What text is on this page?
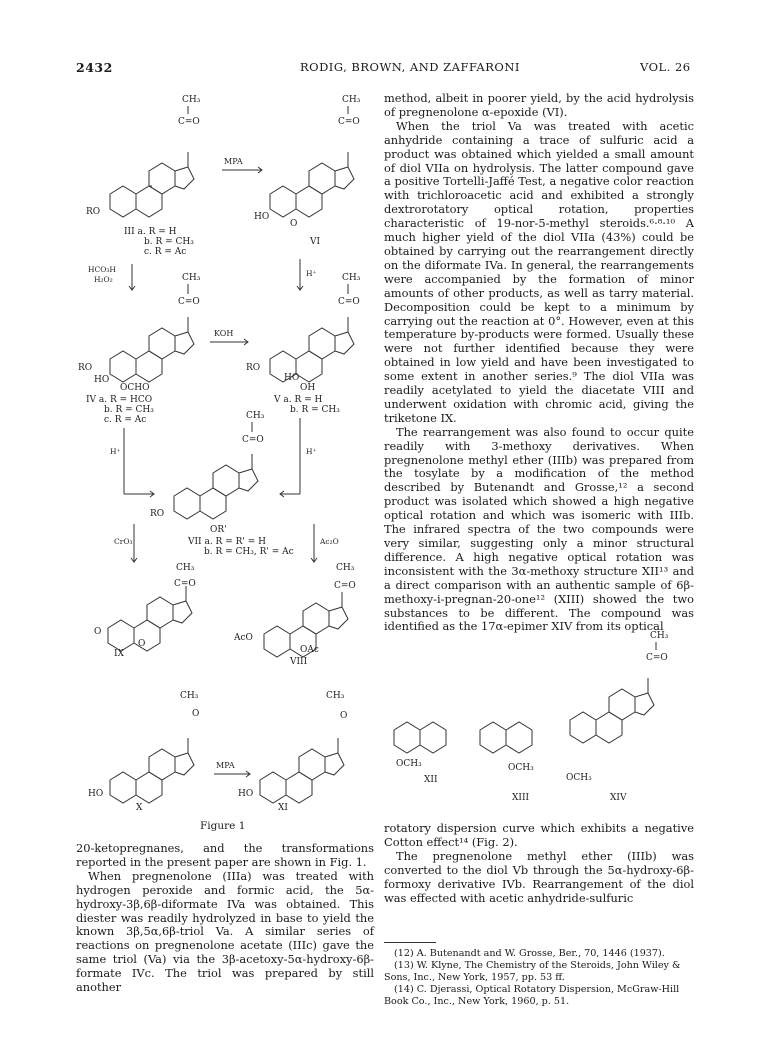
2432	RODIG, BROWN, AND ZAFFARONI	VOL. 26
CH₃
C=O
RO
III a. R = H
b. R = CH₃
c. R = Ac
MPA
CH₃
C=O
HO
O
VI
HCO₃H
H₂O₂
H⁺
CH₃
C=O
RO
HO
OCHO
IV a. R = HCO
b. R = CH₃
c. R = Ac
KOH
CH₃
C=O
RO
HO
OH
V a. R = H
b. R = CH₃
H⁺	H⁺
CH₃
C=O
RO
OR'
VII a. R = R' = H
b. R = CH₃, R' = Ac
CrO₃	Ac₂O
CH₃
C=O
O
O
IX
CH₃
C=O
AcO
OAc
VIII
CH₃
O
HO
X
MPA
CH₃
O
HO
XI
OCH₃
XII
OCH₃
XIII
CH₃
C=O
OCH₃
XIV
Figure 1

method, albeit in poorer yield, by the acid hydrolysis of pregnenolone α-epoxide (VI).

When the triol Va was treated with acetic anhydride containing a trace of sulfuric acid a product was obtained which yielded a small amount of diol VIIa on hydrolysis. The latter compound gave a positive Tortelli-Jaffé Test, a negative color reaction with trichloroacetic acid and exhibited a strongly dextrorotatory optical rotation, properties characteristic of 19-nor-5-methyl steroids.⁶·⁸·¹⁰ A much higher yield of the diol VIIa (43%) could be obtained by carrying out the rearrangement directly on the diformate IVa. In general, the rearrangements were accompanied by the formation of minor amounts of other products, as well as tarry material. Decomposition could be kept to a minimum by carrying out the reaction at 0°. However, even at this temperature by-products were formed. Usually these were not further identified because they were obtained in low yield and have been investigated to some extent in another series.⁹ The diol VIIa was readily acetylated to yield the diacetate VIII and underwent oxidation with chromic acid, giving the triketone IX.

The rearrangement was also found to occur quite readily with 3-methoxy derivatives. When pregnenolone methyl ether (IIIb) was prepared from the tosylate by a modification of the method described by Butenandt and Grosse,¹² a second product was isolated which showed a high negative optical rotation and which was isomeric with IIIb. The infrared spectra of the two compounds were very similar, suggesting only a minor structural difference. A high negative optical rotation was inconsistent with the 3α-methoxy structure XII¹³ and a direct comparison with an authentic sample of 6β-methoxy-i-pregnan-20-one¹² (XIII) showed the two substances to be different. The compound was identified as the 17α-epimer XIV from its optical

rotatory dispersion curve which exhibits a negative Cotton effect¹⁴ (Fig. 2).

The pregnenolone methyl ether (IIIb) was converted to the diol Vb through the 5α-hydroxy-6β-formoxy derivative IVb. Rearrangement of the diol was effected with acetic anhydride-sulfuric

20-ketopregnanes, and the transformations reported in the present paper are shown in Fig. 1.

When pregnenolone (IIIa) was treated with hydrogen peroxide and formic acid, the 5α-hydroxy-3β,6β-diformate IVa was obtained. This diester was readily hydrolyzed in base to yield the known 3β,5α,6β-triol Va. A similar series of reactions on pregnenolone acetate (IIIc) gave the same triol (Va) via the 3β-acetoxy-5α-hydroxy-6β-formate IVc. The triol was prepared by still another

(12) A. Butenandt and W. Grosse, Ber., 70, 1446 (1937).
(13) W. Klyne, The Chemistry of the Steroids, John Wiley & Sons, Inc., New York, 1957, pp. 53 ff.
(14) C. Djerassi, Optical Rotatory Dispersion, McGraw-Hill Book Co., Inc., New York, 1960, p. 51.
